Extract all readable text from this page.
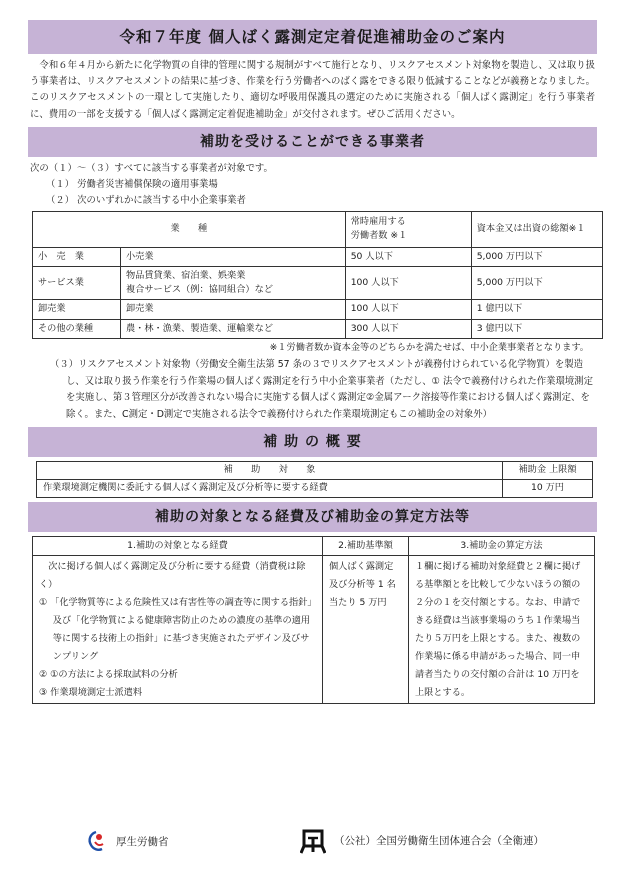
令和７年度 個人ばく露測定定着促進補助金のご案内

令和６年４月から新たに化学物質の自律的管理に関する規制がすべて施行となり、リスクアセスメント対象物を製造し、又は取り扱う事業者は、リスクアセスメントの結果に基づき、作業を行う労働者へのばく露をできる限り低減することなどが義務となりました。このリスクアセスメントの一環として実施したり、適切な呼吸用保護具の選定のために実施される「個人ばく露測定」を行う事業者に、費用の一部を支援する「個人ばく露測定定着促進補助金」が交付されます。ぜひご活用ください。

補助を受けることができる事業者
次の（１）～（３）すべてに該当する事業者が対象です。
（１） 労働者災害補償保険の適用事業場
（２） 次のいずれかに該当する中小企業事業者
業　　種		常時雇用する
労働者数 ※１	資本金又は出資の総額※１
小　売　業	小売業	50 人以下	5,000 万円以下
サービス業	物品賃貸業、宿泊業、娯楽業
複合サービス（例：協同組合）など	100 人以下	5,000 万円以下
卸売業	卸売業	100 人以下	1 億円以下
その他の業種	農・林・漁業、製造業、運輸業など	300 人以下	3 億円以下
※１労働者数か資本金等のどちらかを満たせば、中小企業事業者となります。
（３）リスクアセスメント対象物（労働安全衛生法第 57 条の３でリスクアセスメントが義務付けられている化学物質）を製造し、又は取り扱う作業を行う作業場の個人ばく露測定を行う中小企業事業者（ただし、① 法令で義務付けられた作業環境測定を実施し、第３管理区分が改善されない場合に実施する個人ばく露測定②金属アーク溶接等作業における個人ばく露測定、を除く。また、C測定・D測定で実施される法令で義務付けられた作業環境測定もこの補助金の対象外）
補 助 の 概 要
補　　助　　対　　象	補助金 上限額
作業環境測定機関に委託する個人ばく露測定及び分析等に要する経費	10 万円
補助の対象となる経費及び補助金の算定方法等
1.補助の対象となる経費	2.補助基準額	3.補助金の算定方法

次に掲げる個人ばく露測定及び分析に要する経費（消費税は除く）
① 「化学物質等による危険性又は有害性等の調査等に関する指針」及び「化学物質による健康障害防止のための濃度の基準の適用等に関する技術上の指針」に基づき実施されたデザイン及びサンプリング
② ①の方法による採取試料の分析
③ 作業環境測定士派遣料	個人ばく露測定及び分析等 1 名当たり 5 万円	１欄に掲げる補助対象経費と２欄に掲げる基準額とを比較して少ないほうの額の２分の１を交付額とする。なお、申請できる経費は当該事業場のうち１作業場当たり５万円を上限とする。また、複数の作業場に係る申請があった場合、同一申請者当たりの交付額の合計は 10 万円を上限とする。
厚生労働省	（公社）全国労働衛生団体連合会（全衛連）
